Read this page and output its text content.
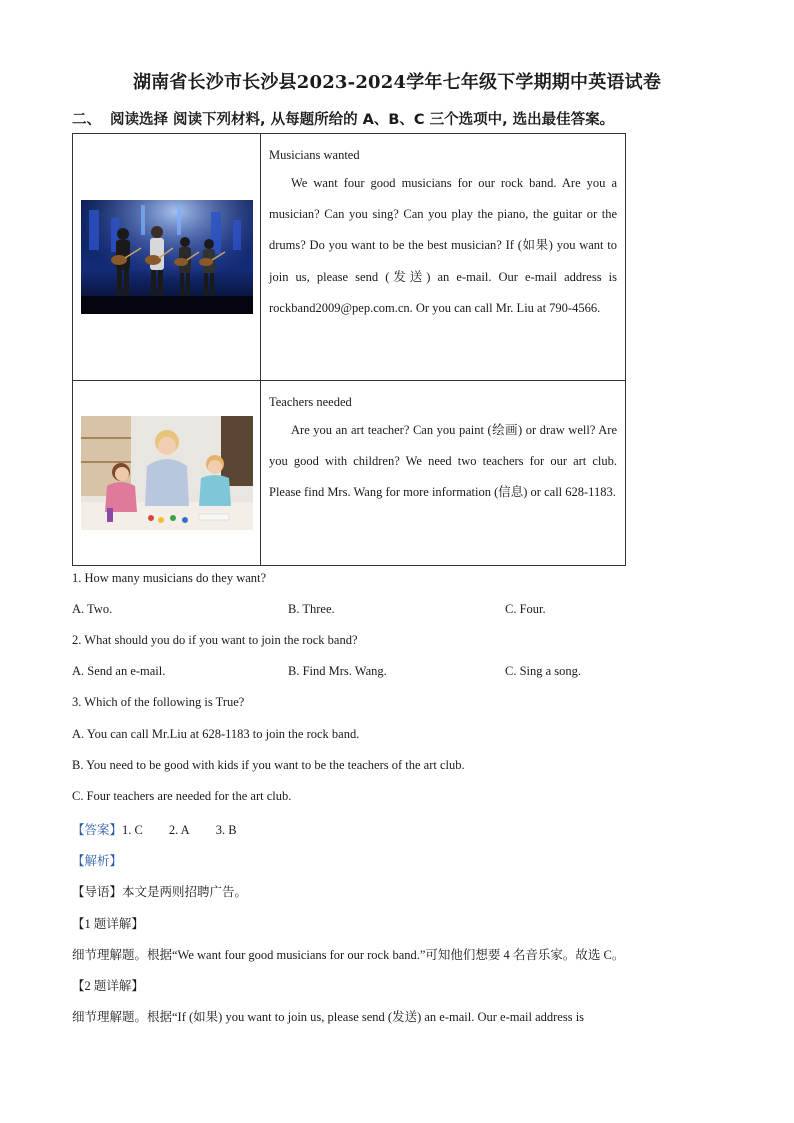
湖南省长沙市长沙县2023-2024学年七年级下学期期中英语试卷
二、 阅读选择 阅读下列材料, 从每题所给的 A、B、C 三个选项中, 选出最佳答案。

Musicians wanted
We want four good musicians for our rock band. Are you a musician? Can you sing? Can you play the piano, the guitar or the drums? Do you want to be the best musician? If (如果) you want to join us, please send (发送) an e-mail. Our e-mail address is rockband2009@pep.com.cn. Or you can call Mr. Liu at 790-4566.

Teachers needed
Are you an art teacher? Can you paint (绘画) or draw well? Are you good with children? We need two teachers for our art club. Please find Mrs. Wang for more information (信息) or call 628-1183.
1. How many musicians do they want?
A. Two.	B. Three.	C. Four.
2. What should you do if you want to join the rock band?
A. Send an e-mail.	B. Find Mrs. Wang.	C. Sing a song.
3. Which of the following is True?
A. You can call Mr.Liu at 628-1183 to join the rock band.
B. You need to be good with kids if you want to be the teachers of the art club.
C. Four teachers are needed for the art club.
【答案】1. C 2. A 3. B
【解析】
【导语】本文是两则招聘广告。
【1 题详解】
细节理解题。根据“We want four good musicians for our rock band.”可知他们想要 4 名音乐家。故选 C。
【2 题详解】
细节理解题。根据“If (如果) you want to join us, please send (发送) an e-mail. Our e-mail address is
